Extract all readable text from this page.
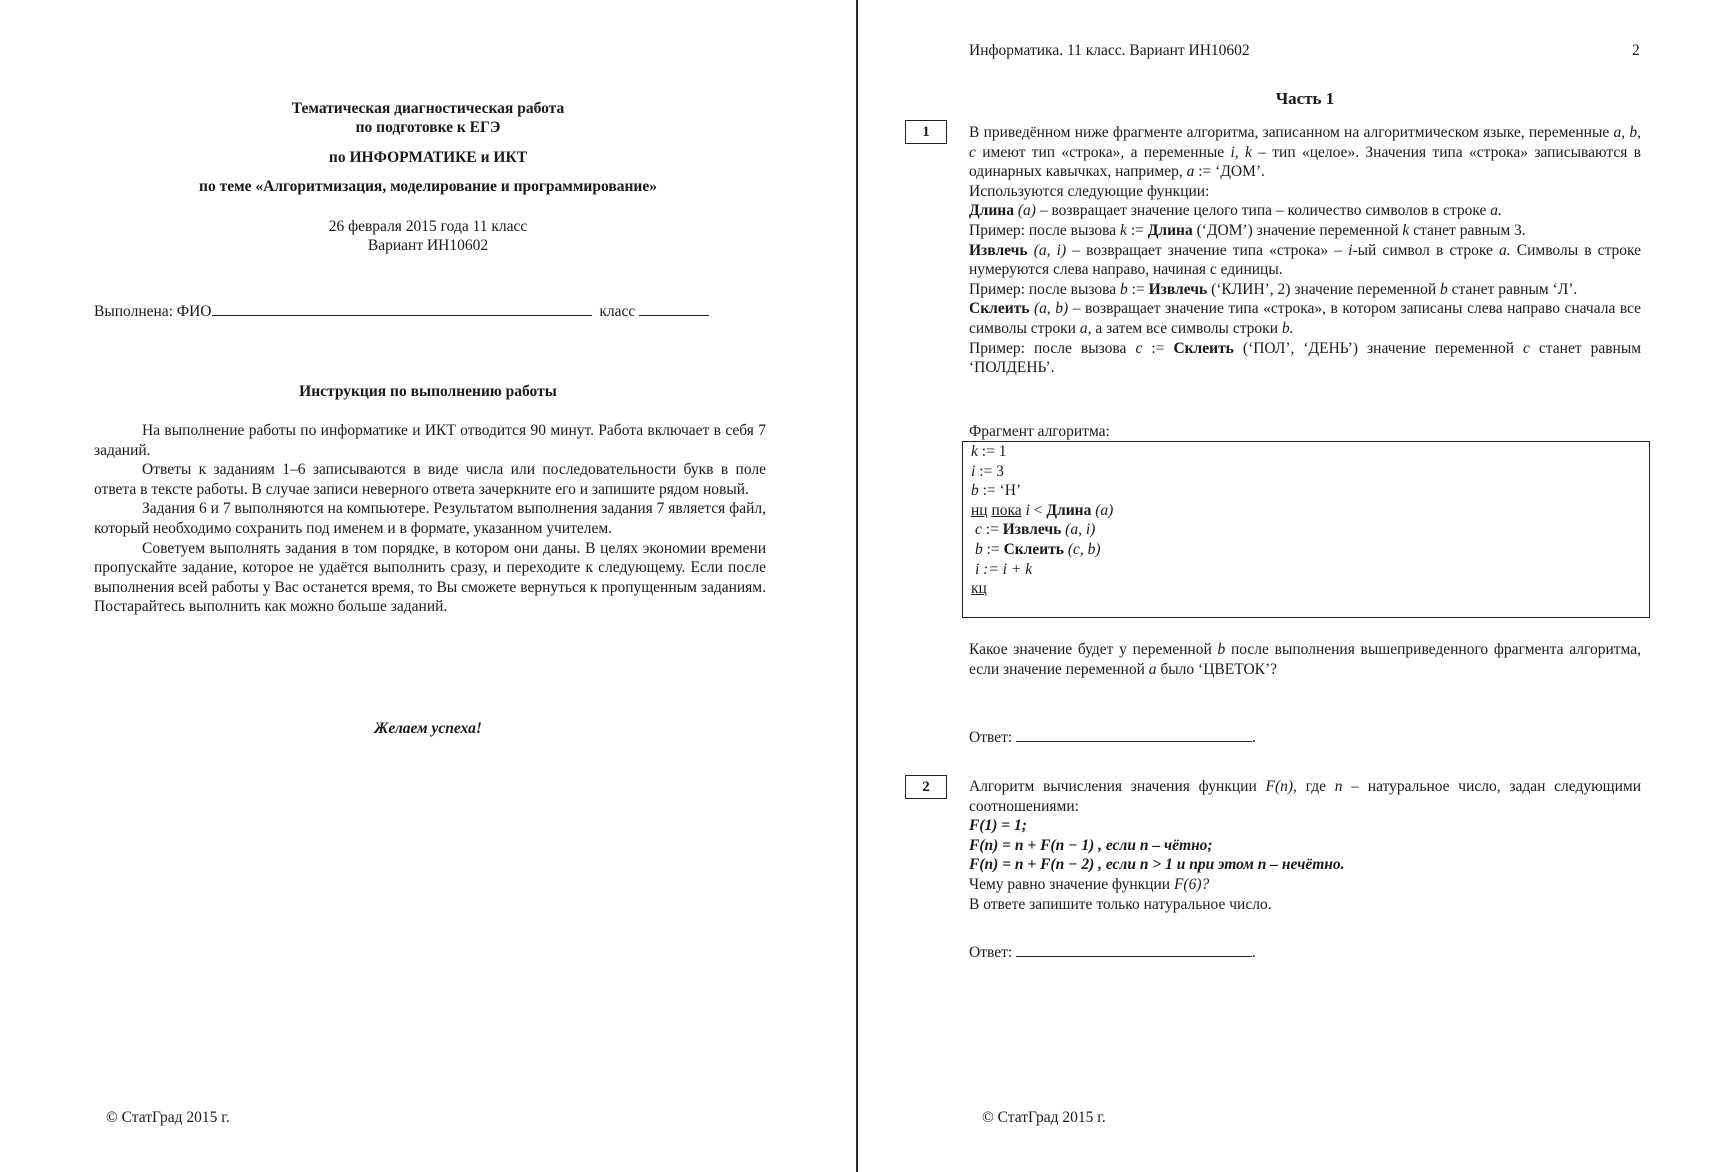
Тематическая диагностическая работа
по подготовке к ЕГЭ
по ИНФОРМАТИКЕ и ИКТ
по теме «Алгоритмизация, моделирование и программирование»
26 февраля 2015 года 11 класс
Вариант ИН10602
Выполнена: ФИО	класс
Инструкция по выполнению работы

На выполнение работы по информатике и ИКТ отводится 90 минут. Работа включает в себя 7 заданий.

Ответы к заданиям 1–6 записываются в виде числа или последовательности букв в поле ответа в тексте работы. В случае записи неверного ответа зачеркните его и запишите рядом новый.

Задания 6 и 7 выполняются на компьютере. Результатом выполнения задания 7 является файл, который необходимо сохранить под именем и в формате, указанном учителем.

Советуем выполнять задания в том порядке, в котором они даны. В целях экономии времени пропускайте задание, которое не удаётся выполнить сразу, и переходите к следующему. Если после выполнения всей работы у Вас останется время, то Вы сможете вернуться к пропущенным заданиям. Постарайтесь выполнить как можно больше заданий.

Желаем успеха!
© СтатГрад 2015 г.
Информатика. 11 класс. Вариант ИН10602	2
Часть 1
1	В приведённом ниже фрагменте алгоритма, записанном на алгоритмическом языке, переменные a, b, c имеют тип «строка», а переменные i, k – тип «целое». Значения типа «строка» записываются в одинарных кавычках, например, a := ‘ДОМ’.

Используются следующие функции:

Длина (a) – возвращает значение целого типа – количество символов в строке a.

Пример: после вызова k := Длина (‘ДОМ’) значение переменной k станет равным 3.

Извлечь (a, i) – возвращает значение типа «строка» – i-ый символ в строке a. Символы в строке нумеруются слева направо, начиная с единицы.

Пример: после вызова b := Извлечь (‘КЛИН’, 2) значение переменной b станет равным ‘Л’.

Склеить (a, b) – возвращает значение типа «строка», в котором записаны слева направо сначала все символы строки a, а затем все символы строки b.

Пример: после вызова c := Склеить (‘ПОЛ’, ‘ДЕНЬ’) значение переменной c станет равным ‘ПОЛДЕНЬ’.

Фрагмент алгоритма:
k := 1
i := 3
b := ‘Н’
нц пока i < Длина (a)
c := Извлечь (a, i)
b := Склеить (c, b)
i := i + k
кц
Какое значение будет у переменной b после выполнения вышеприведенного фрагмента алгоритма, если значение переменной a было ‘ЦВЕТОК’?
Ответ:	.
2	Алгоритм вычисления значения функции F(n), где n – натуральное число, задан следующими соотношениями:

F(1) = 1;

F(n) = n + F(n − 1) , если n – чётно;

F(n) = n + F(n − 2) , если n > 1 и при этом n – нечётно.

Чему равно значение функции F(6)?

В ответе запишите только натуральное число.

Ответ:	.
© СтатГрад 2015 г.
